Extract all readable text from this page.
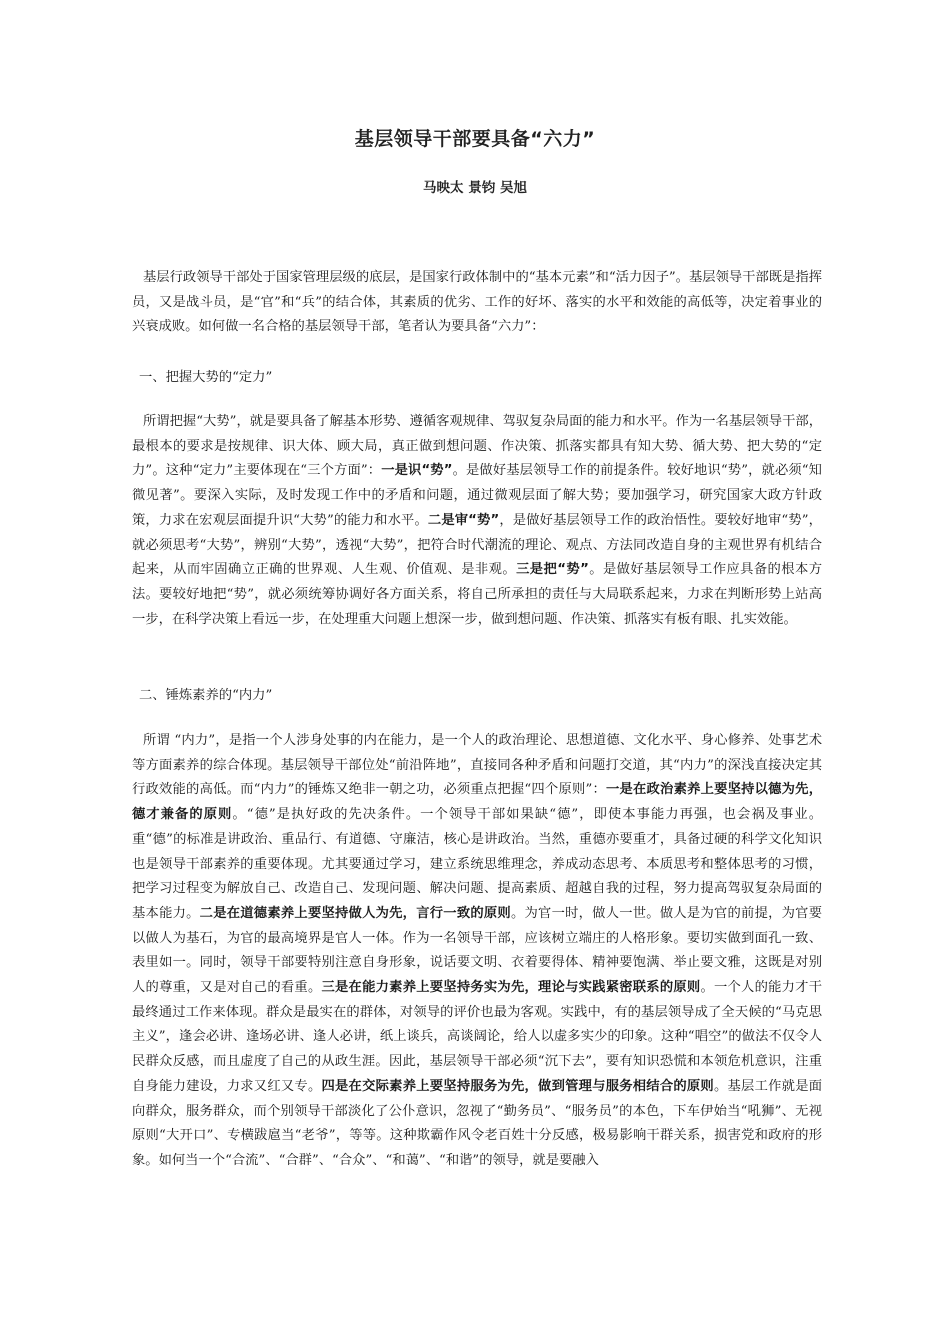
基层领导干部要具备“六力”
马映太 景钧 吴旭

基层行政领导干部处于国家管理层级的底层，是国家行政体制中的“基本元素”和“活力因子”。基层领导干部既是指挥员，又是战斗员，是“官”和“兵”的结合体，其素质的优劣、工作的好坏、落实的水平和效能的高低等，决定着事业的兴衰成败。如何做一名合格的基层领导干部，笔者认为要具备“六力”：

一、把握大势的“定力”

所谓把握“大势”，就是要具备了解基本形势、遵循客观规律、驾驭复杂局面的能力和水平。作为一名基层领导干部，最根本的要求是按规律、识大体、顾大局，真正做到想问题、作决策、抓落实都具有知大势、循大势、把大势的“定力”。这种“定力”主要体现在“三个方面”：一是识“势”。是做好基层领导工作的前提条件。较好地识“势”，就必须“知微见著”。要深入实际，及时发现工作中的矛盾和问题，通过微观层面了解大势；要加强学习，研究国家大政方针政策，力求在宏观层面提升识“大势”的能力和水平。二是审“势”，是做好基层领导工作的政治悟性。要较好地审“势”，就必须思考“大势”，辨别“大势”，透视“大势”，把符合时代潮流的理论、观点、方法同改造自身的主观世界有机结合起来，从而牢固确立正确的世界观、人生观、价值观、是非观。三是把“势”。是做好基层领导工作应具备的根本方法。要较好地把“势”，就必须统筹协调好各方面关系，将自己所承担的责任与大局联系起来，力求在判断形势上站高一步，在科学决策上看远一步，在处理重大问题上想深一步，做到想问题、作决策、抓落实有板有眼、扎实效能。

二、锤炼素养的“内力”

所谓 “内力”，是指一个人涉身处事的内在能力，是一个人的政治理论、思想道德、文化水平、身心修养、处事艺术等方面素养的综合体现。基层领导干部位处“前沿阵地”，直接同各种矛盾和问题打交道，其“内力”的深浅直接决定其行政效能的高低。而“内力”的锤炼又绝非一朝之功，必须重点把握“四个原则”：一是在政治素养上要坚持以德为先，德才兼备的原则。“德”是执好政的先决条件。一个领导干部如果缺“德”，即使本事能力再强，也会祸及事业。重“德”的标准是讲政治、重品行、有道德、守廉洁，核心是讲政治。当然，重德亦要重才，具备过硬的科学文化知识也是领导干部素养的重要体现。尤其要通过学习，建立系统思维理念，养成动态思考、本质思考和整体思考的习惯，把学习过程变为解放自己、改造自己、发现问题、解决问题、提高素质、超越自我的过程，努力提高驾驭复杂局面的基本能力。二是在道德素养上要坚持做人为先，言行一致的原则。为官一时，做人一世。做人是为官的前提，为官要以做人为基石，为官的最高境界是官人一体。作为一名领导干部，应该树立端庄的人格形象。要切实做到面孔一致、表里如一。同时，领导干部要特别注意自身形象，说话要文明、衣着要得体、精神要饱满、举止要文雅，这既是对别人的尊重，又是对自己的看重。三是在能力素养上要坚持务实为先，理论与实践紧密联系的原则。一个人的能力才干最终通过工作来体现。群众是最实在的群体，对领导的评价也最为客观。实践中，有的基层领导成了全天候的“马克思主义”，逢会必讲、逢场必讲、逢人必讲，纸上谈兵，高谈阔论，给人以虚多实少的印象。这种“唱空”的做法不仅令人民群众反感，而且虚度了自己的从政生涯。因此，基层领导干部必须“沉下去”，要有知识恐慌和本领危机意识，注重自身能力建设，力求又红又专。四是在交际素养上要坚持服务为先，做到管理与服务相结合的原则。基层工作就是面向群众，服务群众，而个别领导干部淡化了公仆意识，忽视了“勤务员”、“服务员”的本色，下车伊始当“吼狮”、无视原则“大开口”、专横跋扈当“老爷”，等等。这种欺霸作风令老百姓十分反感，极易影响干群关系，损害党和政府的形象。如何当一个“合流”、“合群”、“合众”、“和蔼”、“和谐”的领导，就是要融入
